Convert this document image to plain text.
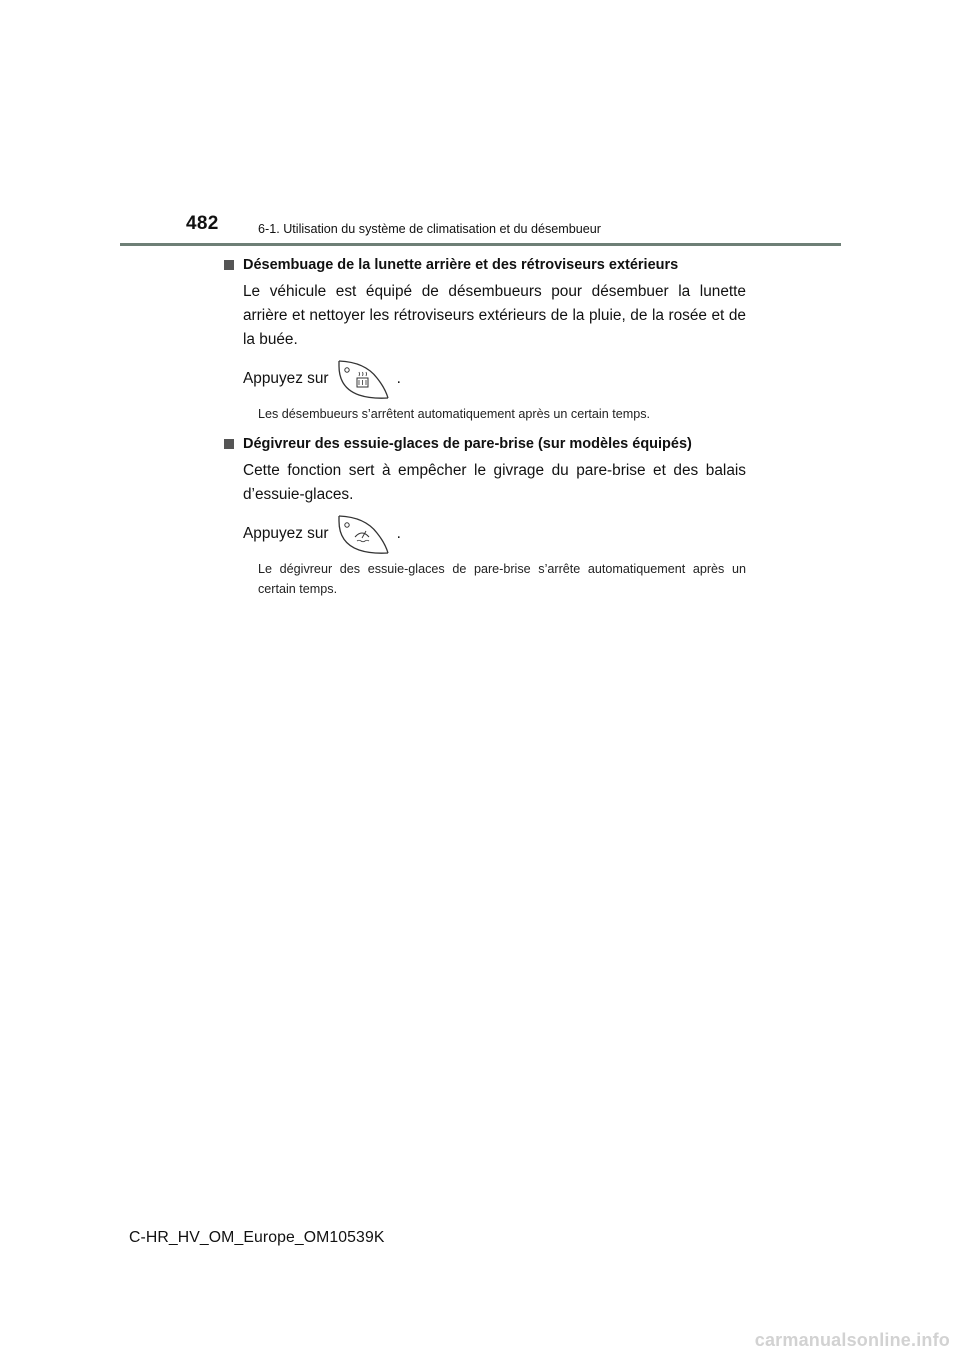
482	6-1. Utilisation du système de climatisation et du désembueur
Désembuage de la lunette arrière et des rétroviseurs extérieurs
Le véhicule est équipé de désembueurs pour désembuer la lunette arrière et nettoyer les rétroviseurs extérieurs de la pluie, de la rosée et de la buée.
Appuyez sur	.
Les désembueurs s’arrêtent automatiquement après un certain temps.
Dégivreur des essuie-glaces de pare-brise (sur modèles équipés)
Cette fonction sert à empêcher le givrage du pare-brise et des balais d’essuie-glaces.
Appuyez sur	.
Le dégivreur des essuie-glaces de pare-brise s’arrête automatiquement après un certain temps.
C-HR_HV_OM_Europe_OM10539K
carmanualsonline.info
